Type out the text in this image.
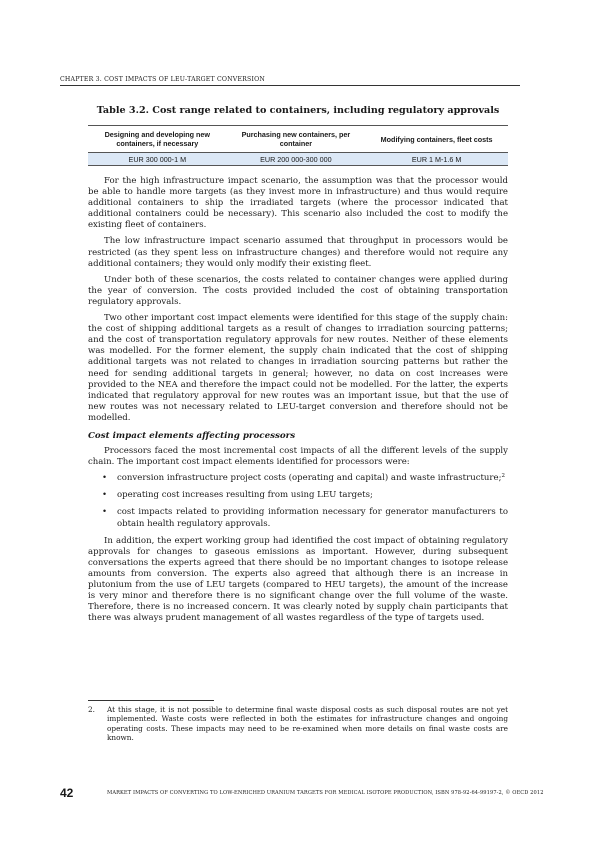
CHAPTER 3. COST IMPACTS OF LEU-TARGET CONVERSION
Table 3.2. Cost range related to containers, including regulatory approvals
Designing and developing new containers, if necessary	Purchasing new containers, per container	Modifying containers, fleet costs
EUR 300 000-1 M	EUR 200 000-300 000	EUR 1 M-1.6 M

For the high infrastructure impact scenario, the assumption was that the processor would be able to handle more targets (as they invest more in infrastructure) and thus would require additional containers to ship the irradiated targets (where the processor indicated that additional containers could be necessary). This scenario also included the cost to modify the existing fleet of containers.

The low infrastructure impact scenario assumed that throughput in processors would be restricted (as they spent less on infrastructure changes) and therefore would not require any additional containers; they would only modify their existing fleet.

Under both of these scenarios, the costs related to container changes were applied during the year of conversion. The costs provided included the cost of obtaining transportation regulatory approvals.

Two other important cost impact elements were identified for this stage of the supply chain: the cost of shipping additional targets as a result of changes to irradiation sourcing patterns; and the cost of transportation regulatory approvals for new routes. Neither of these elements was modelled. For the former element, the supply chain indicated that the cost of shipping additional targets was not related to changes in irradiation sourcing patterns but rather the need for sending additional targets in general; however, no data on cost increases were provided to the NEA and therefore the impact could not be modelled. For the latter, the experts indicated that regulatory approval for new routes was an important issue, but that the use of new routes was not necessary related to LEU-target conversion and therefore should not be modelled.

Cost impact elements affecting processors

Processors faced the most incremental cost impacts of all the different levels of the supply chain. The important cost impact elements identified for processors were:

• conversion infrastructure project costs (operating and capital) and waste infrastructure;$^2$
• operating cost increases resulting from using LEU targets;
• cost impacts related to providing information necessary for generator manufacturers to obtain health regulatory approvals.

In addition, the expert working group had identified the cost impact of obtaining regulatory approvals for changes to gaseous emissions as important. However, during subsequent conversations the experts agreed that there should be no important changes to isotope release amounts from conversion. The experts also agreed that although there is an increase in plutonium from the use of LEU targets (compared to HEU targets), the amount of the increase is very minor and therefore there is no significant change over the full volume of the waste. Therefore, there is no increased concern. It was clearly noted by supply chain participants that there was always prudent management of all wastes regardless of the type of targets used.

2.	At this stage, it is not possible to determine final waste disposal costs as such disposal routes are not yet implemented. Waste costs were reflected in both the estimates for infrastructure changes and ongoing operating costs. These impacts may need to be re-examined when more details on final waste costs are known.
42	MARKET IMPACTS OF CONVERTING TO LOW-ENRICHED URANIUM TARGETS FOR MEDICAL ISOTOPE PRODUCTION, ISBN 978-92-64-99197-2, © OECD 2012
